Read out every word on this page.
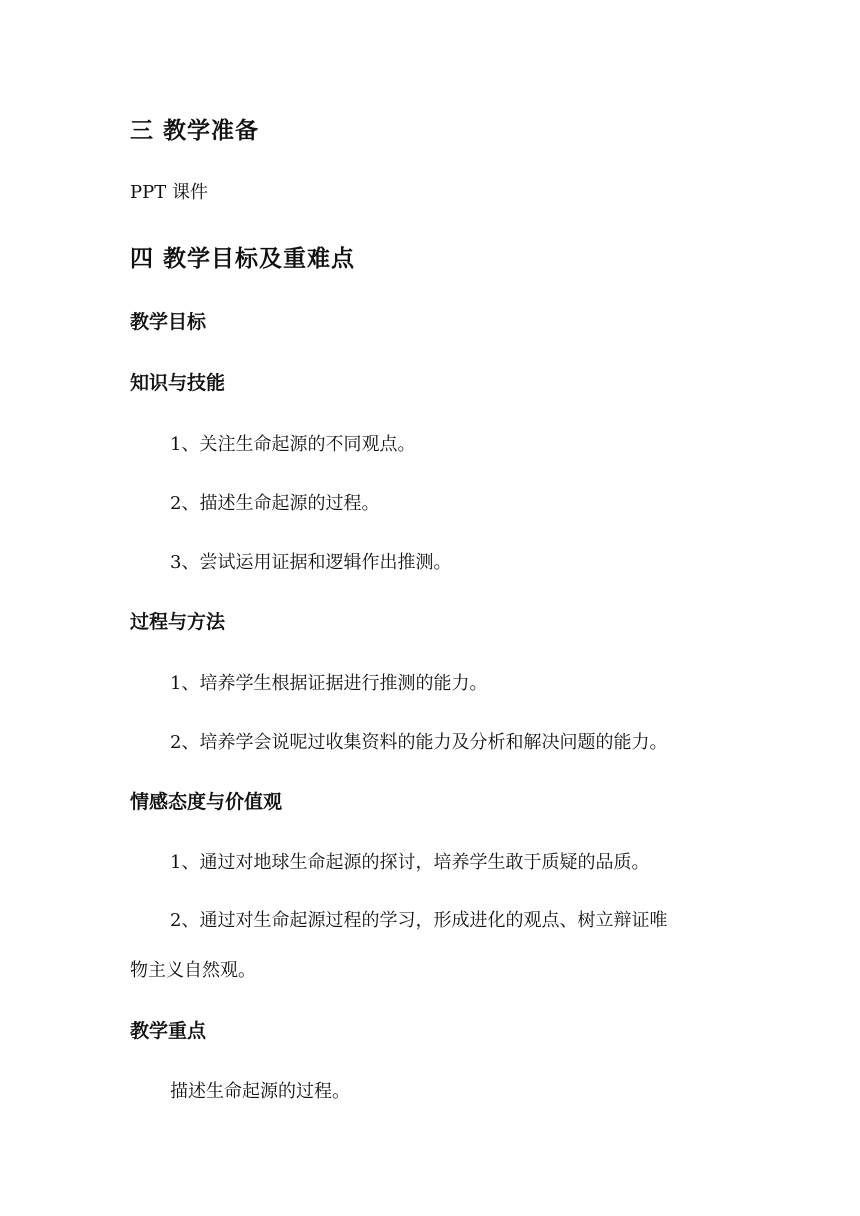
三 教学准备
PPT 课件
四 教学目标及重难点
教学目标
知识与技能
1、关注生命起源的不同观点。
2、描述生命起源的过程。
3、尝试运用证据和逻辑作出推测。
过程与方法
1、培养学生根据证据进行推测的能力。
2、培养学会说呢过收集资料的能力及分析和解决问题的能力。
情感态度与价值观
1、通过对地球生命起源的探讨，培养学生敢于质疑的品质。
2、通过对生命起源过程的学习，形成进化的观点、树立辩证唯
物主义自然观。
教学重点
描述生命起源的过程。
